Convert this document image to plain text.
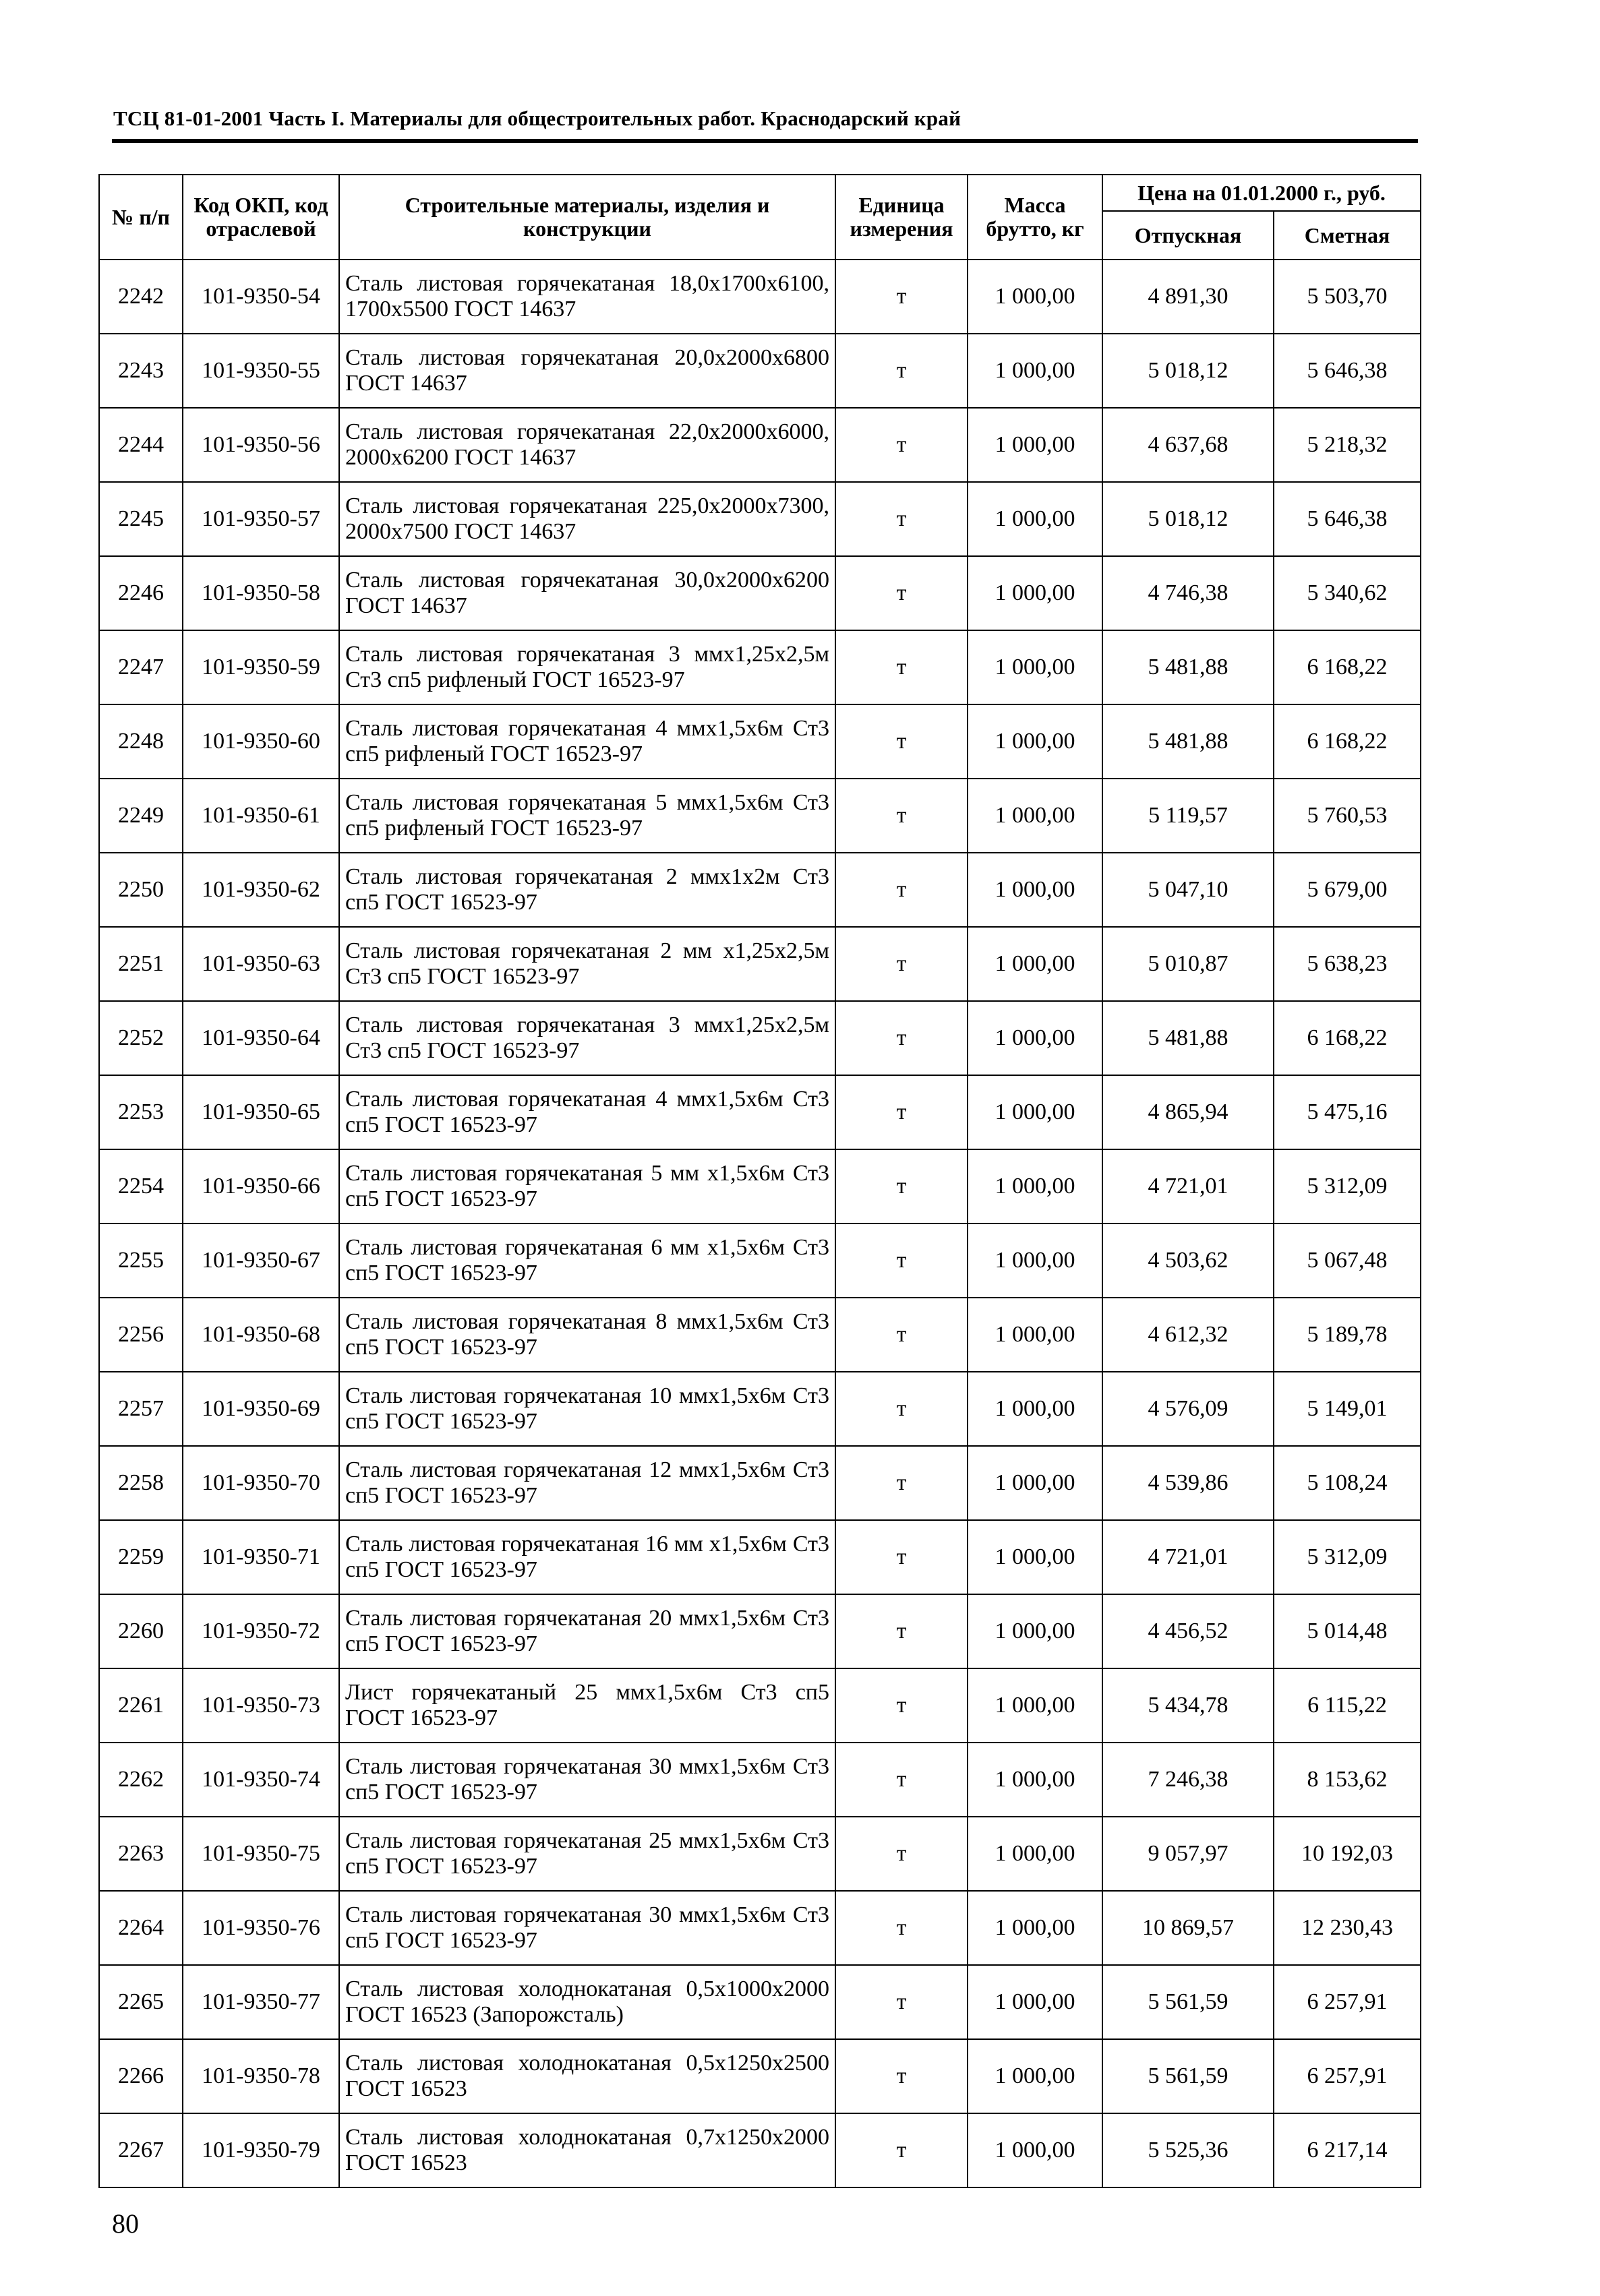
ТСЦ 81-01-2001 Часть I. Материалы для общестроительных работ. Краснодарский край
№ п/п	Код ОКП, код отраслевой	Строительные материалы, изделия и конструкции	Единица измерения	Масса брутто, кг	Цена на 01.01.2000 г., руб.	
					Отпускная	Сметная
2242	101-9350-54	Сталь листовая горячекатаная 18,0х1700х6100, 1700х5500 ГОСТ 14637	т	1 000,00	4 891,30	5 503,70
2243	101-9350-55	Сталь листовая горячекатаная 20,0х2000х6800 ГОСТ 14637	т	1 000,00	5 018,12	5 646,38
2244	101-9350-56	Сталь листовая горячекатаная 22,0х2000х6000, 2000х6200 ГОСТ 14637	т	1 000,00	4 637,68	5 218,32
2245	101-9350-57	Сталь листовая горячекатаная 225,0х2000х7300, 2000х7500 ГОСТ 14637	т	1 000,00	5 018,12	5 646,38
2246	101-9350-58	Сталь листовая горячекатаная 30,0х2000х6200 ГОСТ 14637	т	1 000,00	4 746,38	5 340,62
2247	101-9350-59	Сталь листовая горячекатаная 3 ммх1,25х2,5м Ст3 сп5 рифленый ГОСТ 16523-97	т	1 000,00	5 481,88	6 168,22
2248	101-9350-60	Сталь листовая горячекатаная 4 ммх1,5х6м Ст3 сп5 рифленый ГОСТ 16523-97	т	1 000,00	5 481,88	6 168,22
2249	101-9350-61	Сталь листовая горячекатаная 5 ммх1,5х6м Ст3 сп5 рифленый ГОСТ 16523-97	т	1 000,00	5 119,57	5 760,53
2250	101-9350-62	Сталь листовая горячекатаная 2 ммх1х2м Ст3 сп5 ГОСТ 16523-97	т	1 000,00	5 047,10	5 679,00
2251	101-9350-63	Сталь листовая горячекатаная 2 мм х1,25х2,5м Ст3 сп5 ГОСТ 16523-97	т	1 000,00	5 010,87	5 638,23
2252	101-9350-64	Сталь листовая горячекатаная 3 ммх1,25х2,5м Ст3 сп5 ГОСТ 16523-97	т	1 000,00	5 481,88	6 168,22
2253	101-9350-65	Сталь листовая горячекатаная 4 ммх1,5х6м Ст3 сп5 ГОСТ 16523-97	т	1 000,00	4 865,94	5 475,16
2254	101-9350-66	Сталь листовая горячекатаная 5 мм х1,5х6м Ст3 сп5 ГОСТ 16523-97	т	1 000,00	4 721,01	5 312,09
2255	101-9350-67	Сталь листовая горячекатаная 6 мм х1,5х6м Ст3 сп5 ГОСТ 16523-97	т	1 000,00	4 503,62	5 067,48
2256	101-9350-68	Сталь листовая горячекатаная 8 ммх1,5х6м Ст3 сп5 ГОСТ 16523-97	т	1 000,00	4 612,32	5 189,78
2257	101-9350-69	Сталь листовая горячекатаная 10 ммх1,5х6м Ст3 сп5 ГОСТ 16523-97	т	1 000,00	4 576,09	5 149,01
2258	101-9350-70	Сталь листовая горячекатаная 12 ммх1,5х6м Ст3 сп5 ГОСТ 16523-97	т	1 000,00	4 539,86	5 108,24
2259	101-9350-71	Сталь листовая горячекатаная 16 мм х1,5х6м Ст3 сп5 ГОСТ 16523-97	т	1 000,00	4 721,01	5 312,09
2260	101-9350-72	Сталь листовая горячекатаная 20 ммх1,5х6м Ст3 сп5 ГОСТ 16523-97	т	1 000,00	4 456,52	5 014,48
2261	101-9350-73	Лист горячекатаный 25 ммх1,5х6м Ст3 сп5 ГОСТ 16523-97	т	1 000,00	5 434,78	6 115,22
2262	101-9350-74	Сталь листовая горячекатаная 30 ммх1,5х6м Ст3 сп5 ГОСТ 16523-97	т	1 000,00	7 246,38	8 153,62
2263	101-9350-75	Сталь листовая горячекатаная 25 ммх1,5х6м Ст3 сп5 ГОСТ 16523-97	т	1 000,00	9 057,97	10 192,03
2264	101-9350-76	Сталь листовая горячекатаная 30 ммх1,5х6м Ст3 сп5 ГОСТ 16523-97	т	1 000,00	10 869,57	12 230,43
2265	101-9350-77	Сталь листовая холоднокатаная 0,5х1000х2000 ГОСТ 16523 (Запорожсталь)	т	1 000,00	5 561,59	6 257,91
2266	101-9350-78	Сталь листовая холоднокатаная 0,5х1250х2500 ГОСТ 16523	т	1 000,00	5 561,59	6 257,91
2267	101-9350-79	Сталь листовая холоднокатаная 0,7х1250х2000 ГОСТ 16523	т	1 000,00	5 525,36	6 217,14
80
